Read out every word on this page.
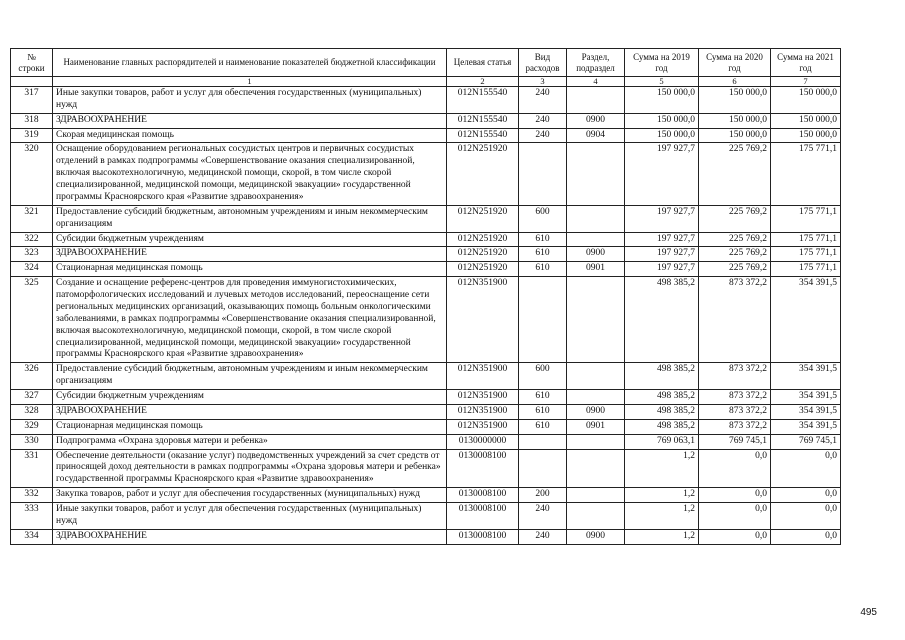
№ строки	Наименование главных распорядителей и наименование показателей бюджетной классификации	Целевая статья	Вид расходов	Раздел, подраздел	Сумма на 2019 год	Сумма на 2020 год	Сумма на 2021 год
	1	2	3	4	5	6	7
317	Иные закупки товаров, работ и услуг для обеспечения государственных (муниципальных) нужд	012N155540	240		150 000,0	150 000,0	150 000,0
318	ЗДРАВООХРАНЕНИЕ	012N155540	240	0900	150 000,0	150 000,0	150 000,0
319	Скорая медицинская помощь	012N155540	240	0904	150 000,0	150 000,0	150 000,0
320	Оснащение оборудованием региональных сосудистых центров и первичных сосудистых отделений в рамках подпрограммы «Совершенствование оказания специализированной, включая высокотехнологичную, медицинской помощи, скорой, в том числе скорой специализированной, медицинской помощи, медицинской эвакуации» государственной программы Красноярского края «Развитие здравоохранения»	012N251920			197 927,7	225 769,2	175 771,1
321	Предоставление субсидий бюджетным, автономным учреждениям и иным некоммерческим организациям	012N251920	600		197 927,7	225 769,2	175 771,1
322	Субсидии бюджетным учреждениям	012N251920	610		197 927,7	225 769,2	175 771,1
323	ЗДРАВООХРАНЕНИЕ	012N251920	610	0900	197 927,7	225 769,2	175 771,1
324	Стационарная медицинская помощь	012N251920	610	0901	197 927,7	225 769,2	175 771,1
325	Создание и оснащение референс-центров для проведения иммуногистохимических, патоморфологических исследований и лучевых методов исследований, переоснащение сети региональных медицинских организаций, оказывающих помощь больным онкологическими заболеваниями, в рамках подпрограммы «Совершенствование оказания специализированной, включая высокотехнологичную, медицинской помощи, скорой, в том числе скорой специализированной, медицинской помощи, медицинской эвакуации» государственной программы Красноярского края «Развитие здравоохранения»	012N351900			498 385,2	873 372,2	354 391,5
326	Предоставление субсидий бюджетным, автономным учреждениям и иным некоммерческим организациям	012N351900	600		498 385,2	873 372,2	354 391,5
327	Субсидии бюджетным учреждениям	012N351900	610		498 385,2	873 372,2	354 391,5
328	ЗДРАВООХРАНЕНИЕ	012N351900	610	0900	498 385,2	873 372,2	354 391,5
329	Стационарная медицинская помощь	012N351900	610	0901	498 385,2	873 372,2	354 391,5
330	Подпрограмма «Охрана здоровья матери и ребенка»	0130000000			769 063,1	769 745,1	769 745,1
331	Обеспечение деятельности (оказание услуг) подведомственных учреждений за счет средств от приносящей доход деятельности в рамках подпрограммы «Охрана здоровья матери и ребенка» государственной программы Красноярского края «Развитие здравоохранения»	0130008100			1,2	0,0	0,0
332	Закупка товаров, работ и услуг для обеспечения государственных (муниципальных) нужд	0130008100	200		1,2	0,0	0,0
333	Иные закупки товаров, работ и услуг для обеспечения государственных (муниципальных) нужд	0130008100	240		1,2	0,0	0,0
334	ЗДРАВООХРАНЕНИЕ	0130008100	240	0900	1,2	0,0	0,0
495
